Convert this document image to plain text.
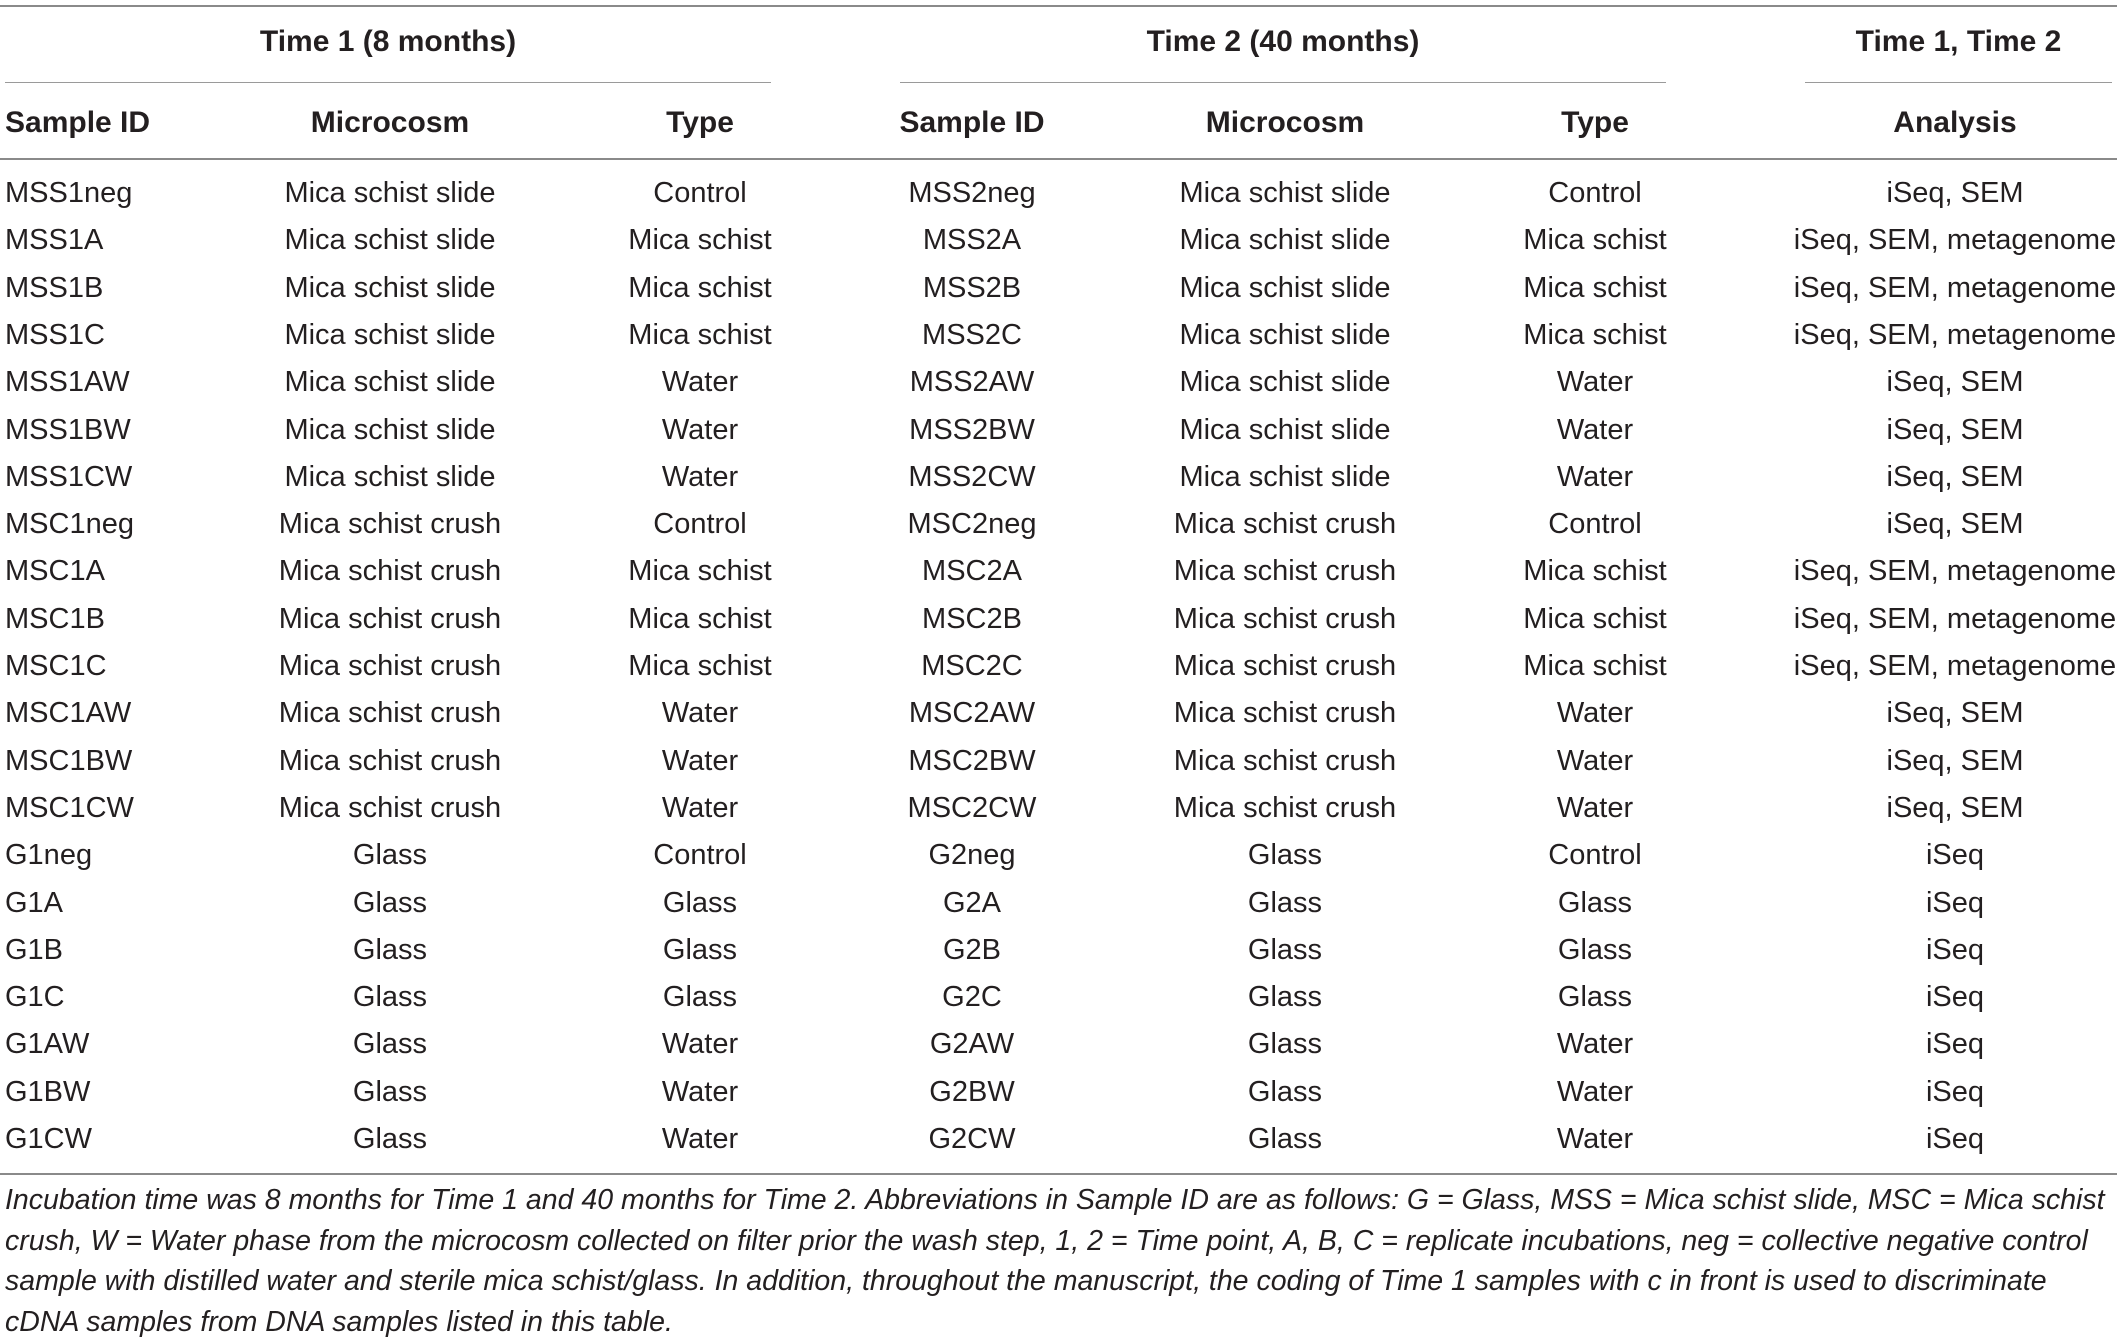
Time 1 (8 months)	Time 2 (40 months)	Time 1, Time 2
Sample ID	Microcosm	Type	Sample ID	Microcosm	Type	Analysis
MSS1neg	Mica schist slide	Control	MSS2neg	Mica schist slide	Control	iSeq, SEM
MSS1A	Mica schist slide	Mica schist	MSS2A	Mica schist slide	Mica schist	iSeq, SEM, metagenome
MSS1B	Mica schist slide	Mica schist	MSS2B	Mica schist slide	Mica schist	iSeq, SEM, metagenome
MSS1C	Mica schist slide	Mica schist	MSS2C	Mica schist slide	Mica schist	iSeq, SEM, metagenome
MSS1AW	Mica schist slide	Water	MSS2AW	Mica schist slide	Water	iSeq, SEM
MSS1BW	Mica schist slide	Water	MSS2BW	Mica schist slide	Water	iSeq, SEM
MSS1CW	Mica schist slide	Water	MSS2CW	Mica schist slide	Water	iSeq, SEM
MSC1neg	Mica schist crush	Control	MSC2neg	Mica schist crush	Control	iSeq, SEM
MSC1A	Mica schist crush	Mica schist	MSC2A	Mica schist crush	Mica schist	iSeq, SEM, metagenome
MSC1B	Mica schist crush	Mica schist	MSC2B	Mica schist crush	Mica schist	iSeq, SEM, metagenome
MSC1C	Mica schist crush	Mica schist	MSC2C	Mica schist crush	Mica schist	iSeq, SEM, metagenome
MSC1AW	Mica schist crush	Water	MSC2AW	Mica schist crush	Water	iSeq, SEM
MSC1BW	Mica schist crush	Water	MSC2BW	Mica schist crush	Water	iSeq, SEM
MSC1CW	Mica schist crush	Water	MSC2CW	Mica schist crush	Water	iSeq, SEM
G1neg	Glass	Control	G2neg	Glass	Control	iSeq
G1A	Glass	Glass	G2A	Glass	Glass	iSeq
G1B	Glass	Glass	G2B	Glass	Glass	iSeq
G1C	Glass	Glass	G2C	Glass	Glass	iSeq
G1AW	Glass	Water	G2AW	Glass	Water	iSeq
G1BW	Glass	Water	G2BW	Glass	Water	iSeq
G1CW	Glass	Water	G2CW	Glass	Water	iSeq
Incubation time was 8 months for Time 1 and 40 months for Time 2. Abbreviations in Sample ID are as follows: G = Glass, MSS = Mica schist slide, MSC = Mica schist crush, W = Water phase from the microcosm collected on filter prior the wash step, 1, 2 = Time point, A, B, C = replicate incubations, neg = collective negative control sample with distilled water and sterile mica schist/glass. In addition, throughout the manuscript, the coding of Time 1 samples with c in front is used to discriminate cDNA samples from DNA samples listed in this table.
